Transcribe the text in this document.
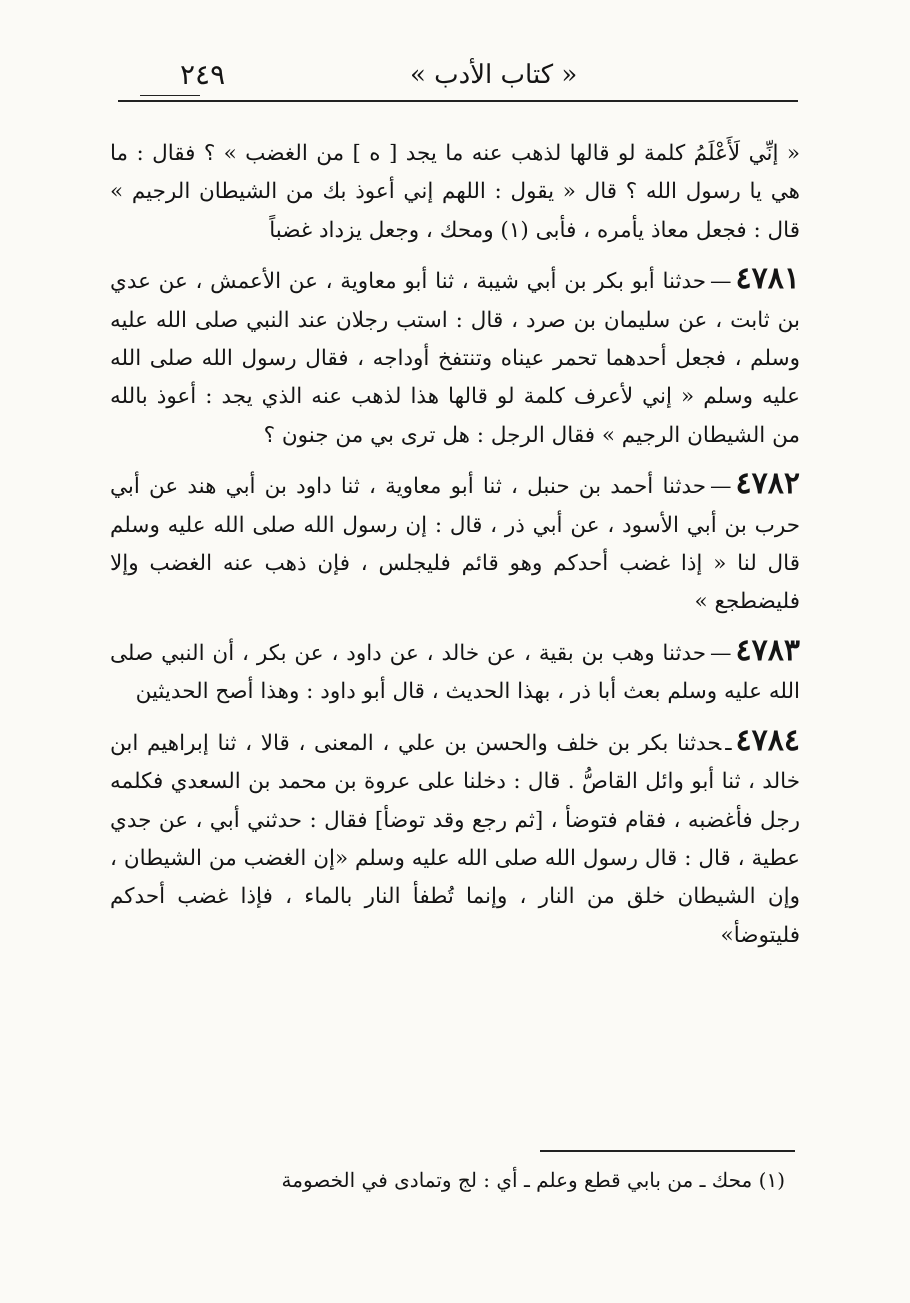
٢٤٩	« كتاب الأدب »

« إنِّي لَأَعْلَمُ كلمة لو قالها لذهب عنه ما يجد [ ه ] من الغضب » ؟ فقال : ما هي يا رسول الله ؟ قال « يقول : اللهم إني أعوذ بك من الشيطان الرجيم » قال : فجعل معاذ يأمره ، فأبى (١) ومحك ، وجعل يزداد غضباً

٤٧٨١—حدثنا أبو بكر بن أبي شيبة ، ثنا أبو معاوية ، عن الأعمش ، عن عدي بن ثابت ، عن سليمان بن صرد ، قال : استب رجلان عند النبي صلى الله عليه وسلم ، فجعل أحدهما تحمر عيناه وتنتفخ أوداجه ، فقال رسول الله صلى الله عليه وسلم « إني لأعرف كلمة لو قالها هذا لذهب عنه الذي يجد : أعوذ بالله من الشيطان الرجيم » فقال الرجل : هل ترى بي من جنون ؟

٤٧٨٢—حدثنا أحمد بن حنبل ، ثنا أبو معاوية ، ثنا داود بن أبي هند عن أبي حرب بن أبي الأسود ، عن أبي ذر ، قال : إن رسول الله صلى الله عليه وسلم قال لنا « إذا غضب أحدكم وهو قائم فليجلس ، فإن ذهب عنه الغضب وإلا فليضطجع »

٤٧٨٣—حدثنا وهب بن بقية ، عن خالد ، عن داود ، عن بكر ، أن النبي صلى الله عليه وسلم بعث أبا ذر ، بهذا الحديث ، قال أبو داود : وهذا أصح الحديثين

٤٧٨٤ـحدثنا بكر بن خلف والحسن بن علي ، المعنى ، قالا ، ثنا إبراهيم ابن خالد ، ثنا أبو وائل القاصُّ . قال : دخلنا على عروة بن محمد بن السعدي فكلمه رجل فأغضبه ، فقام فتوضأ ، [ثم رجع وقد توضأ] فقال : حدثني أبي ، عن جدي عطية ، قال : قال رسول الله صلى الله عليه وسلم «إن الغضب من الشيطان ، وإن الشيطان خلق من النار ، وإنما تُطفأ النار بالماء ، فإذا غضب أحدكم فليتوضأ»

(١) محك ـ من بابي قطع وعلم ـ أي : لج وتمادى في الخصومة
